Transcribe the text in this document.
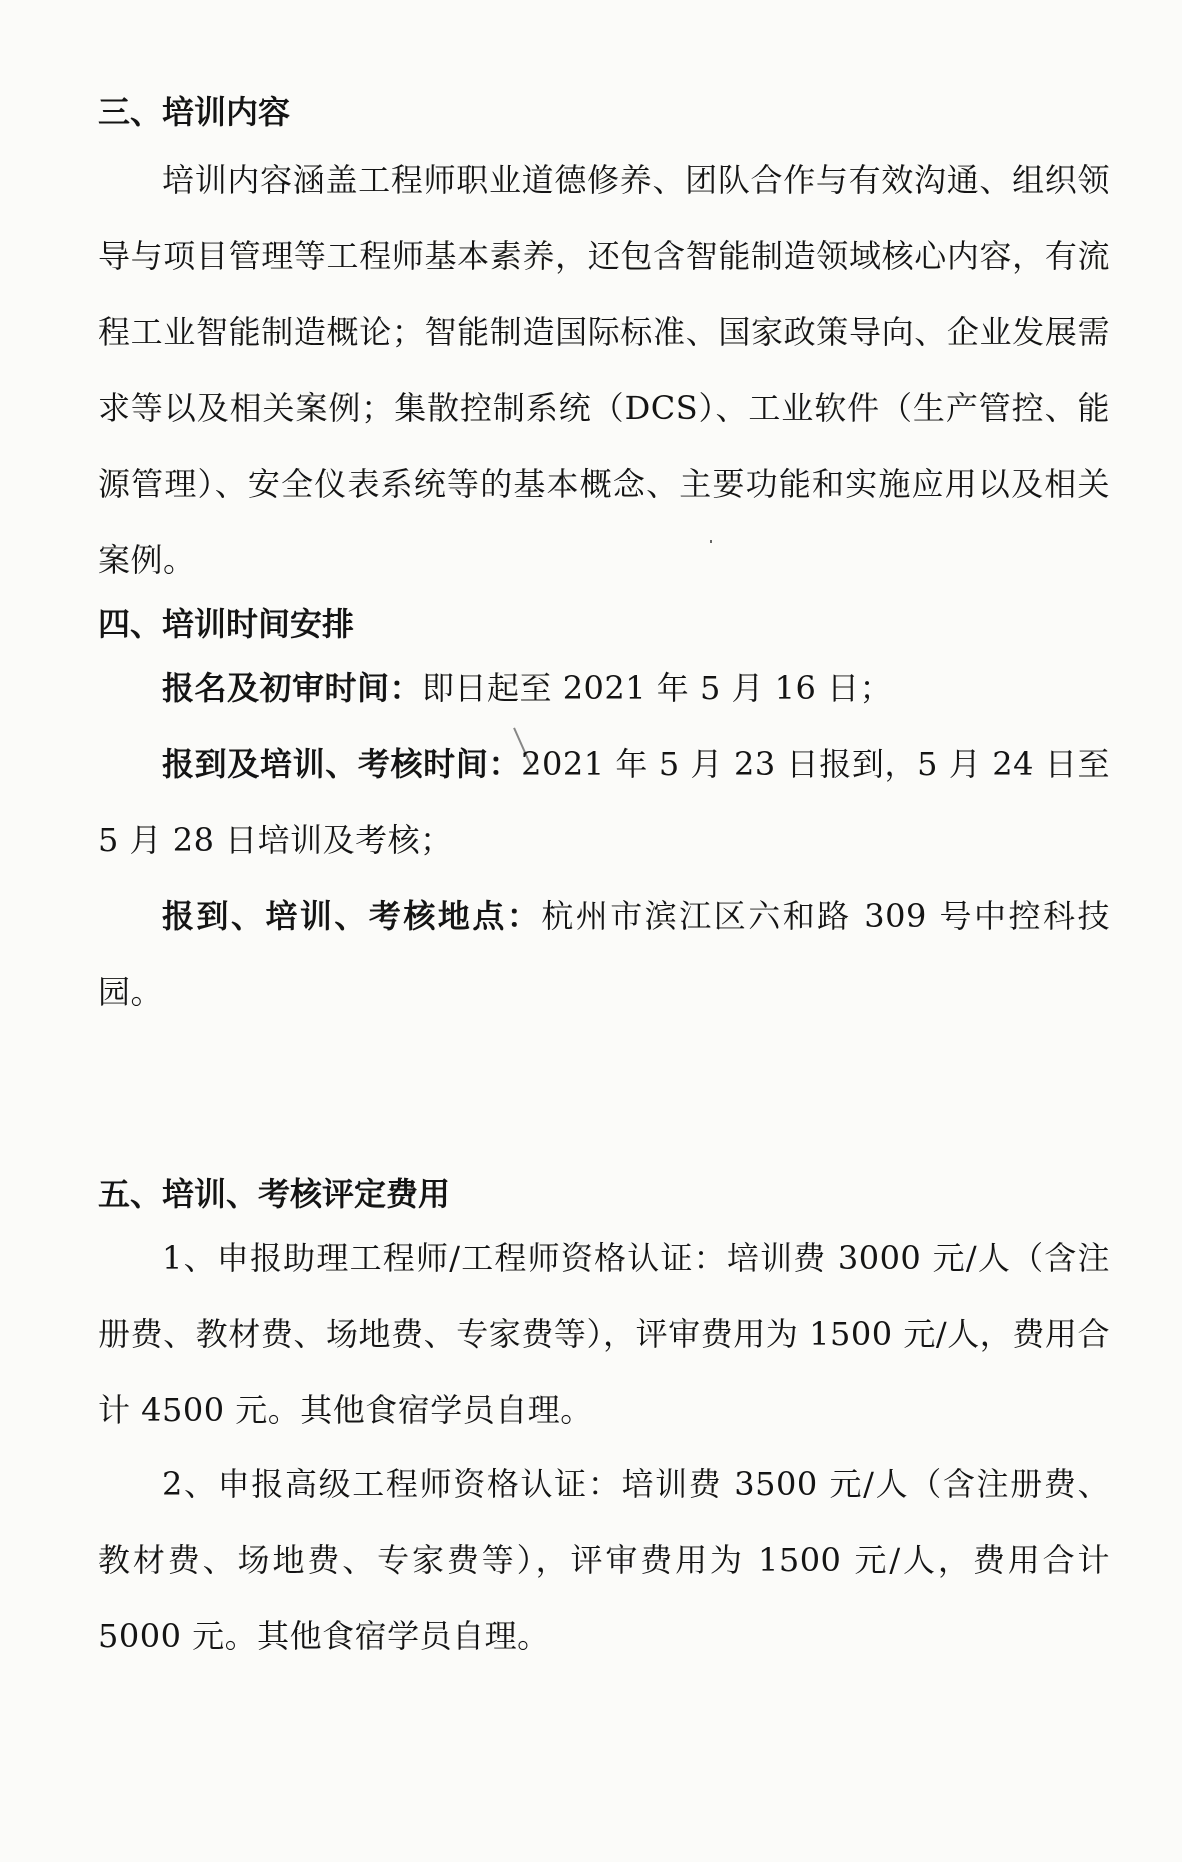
三、培训内容
培训内容涵盖工程师职业道德修养、团队合作与有效沟通、组织领导与项目管理等工程师基本素养，还包含智能制造领域核心内容，有流程工业智能制造概论；智能制造国际标准、国家政策导向、企业发展需求等以及相关案例；集散控制系统（DCS）、工业软件（生产管控、能源管理）、安全仪表系统等的基本概念、主要功能和实施应用以及相关案例。
四、培训时间安排
报名及初审时间：即日起至 2021 年 5 月 16 日；
报到及培训、考核时间：2021 年 5 月 23 日报到，5 月 24 日至 5 月 28 日培训及考核；
报到、培训、考核地点：杭州市滨江区六和路 309 号中控科技园。
五、培训、考核评定费用
1、申报助理工程师/工程师资格认证：培训费 3000 元/人（含注册费、教材费、场地费、专家费等），评审费用为 1500 元/人，费用合计 4500 元。其他食宿学员自理。
2、申报高级工程师资格认证：培训费 3500 元/人（含注册费、教材费、场地费、专家费等），评审费用为 1500 元/人，费用合计 5000 元。其他食宿学员自理。
